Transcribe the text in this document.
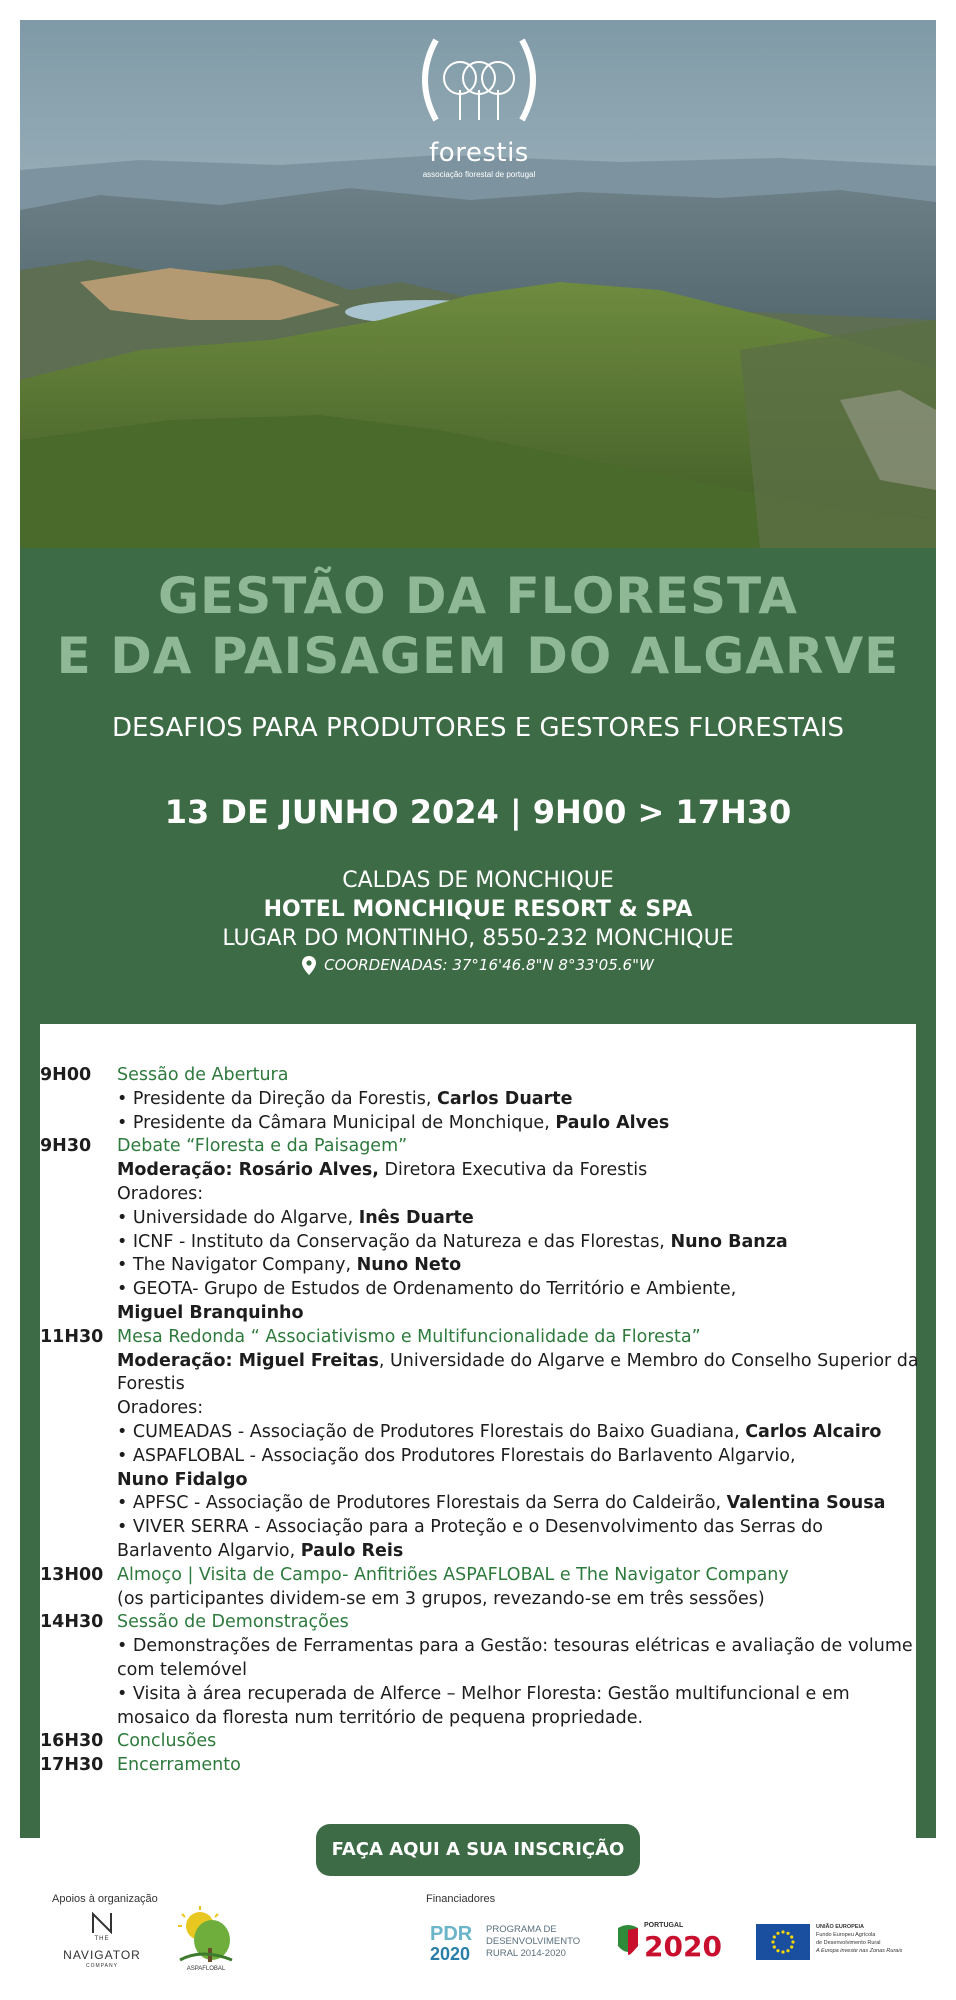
forestis
associação florestal de portugal
GESTÃO DA FLORESTA
E DA PAISAGEM DO ALGARVE
DESAFIOS PARA PRODUTORES E GESTORES FLORESTAIS
13 DE JUNHO 2024 | 9H00 > 17H30
CALDAS DE MONCHIQUE
HOTEL MONCHIQUE RESORT & SPA
LUGAR DO MONTINHO, 8550-232 MONCHIQUE
COORDENADAS: 37°16'46.8"N 8°33'05.6"W
9H00	Sessão de Abertura
• Presidente da Direção da Forestis, Carlos Duarte
• Presidente da Câmara Municipal de Monchique, Paulo Alves
9H30	Debate “Floresta e da Paisagem”
Moderação: Rosário Alves, Diretora Executiva da Forestis
Oradores:
• Universidade do Algarve, Inês Duarte
• ICNF - Instituto da Conservação da Natureza e das Florestas, Nuno Banza
• The Navigator Company, Nuno Neto
• GEOTA- Grupo de Estudos de Ordenamento do Território e Ambiente,
Miguel Branquinho
11H30 Mesa Redonda “ Associativismo e Multifuncionalidade da Floresta”
Moderação: Miguel Freitas, Universidade do Algarve e Membro do Conselho Superior da Forestis
Oradores:
• CUMEADAS - Associação de Produtores Florestais do Baixo Guadiana, Carlos Alcairo
• ASPAFLOBAL - Associação dos Produtores Florestais do Barlavento Algarvio,
Nuno Fidalgo
• APFSC - Associação de Produtores Florestais da Serra do Caldeirão, Valentina Sousa
• VIVER SERRA - Associação para a Proteção e o Desenvolvimento das Serras do Barlavento Algarvio, Paulo Reis
13H00 Almoço | Visita de Campo- Anfitriões ASPAFLOBAL e The Navigator Company
(os participantes dividem-se em 3 grupos, revezando-se em três sessões)
14H30 Sessão de Demonstrações
• Demonstrações de Ferramentas para a Gestão: tesouras elétricas e avaliação de volume com telemóvel
• Visita à área recuperada de Alferce – Melhor Floresta: Gestão multifuncional e em mosaico da floresta num território de pequena propriedade.
16H30 Conclusões
17H30 Encerramento
FAÇA AQUI A SUA INSCRIÇÃO
Apoios à organização	Financiadores
THE
NAVIGATOR
COMPANY	ASPAFLOBAL
PDR
2020
PROGRAMA DE
DESENVOLVIMENTO
RURAL 2014-2020
PORTUGAL
2020
UNIÃO EUROPEIA
Fundo Europeu Agrícola
de Desenvolvimento Rural
A Europa investe nas Zonas Rurais
